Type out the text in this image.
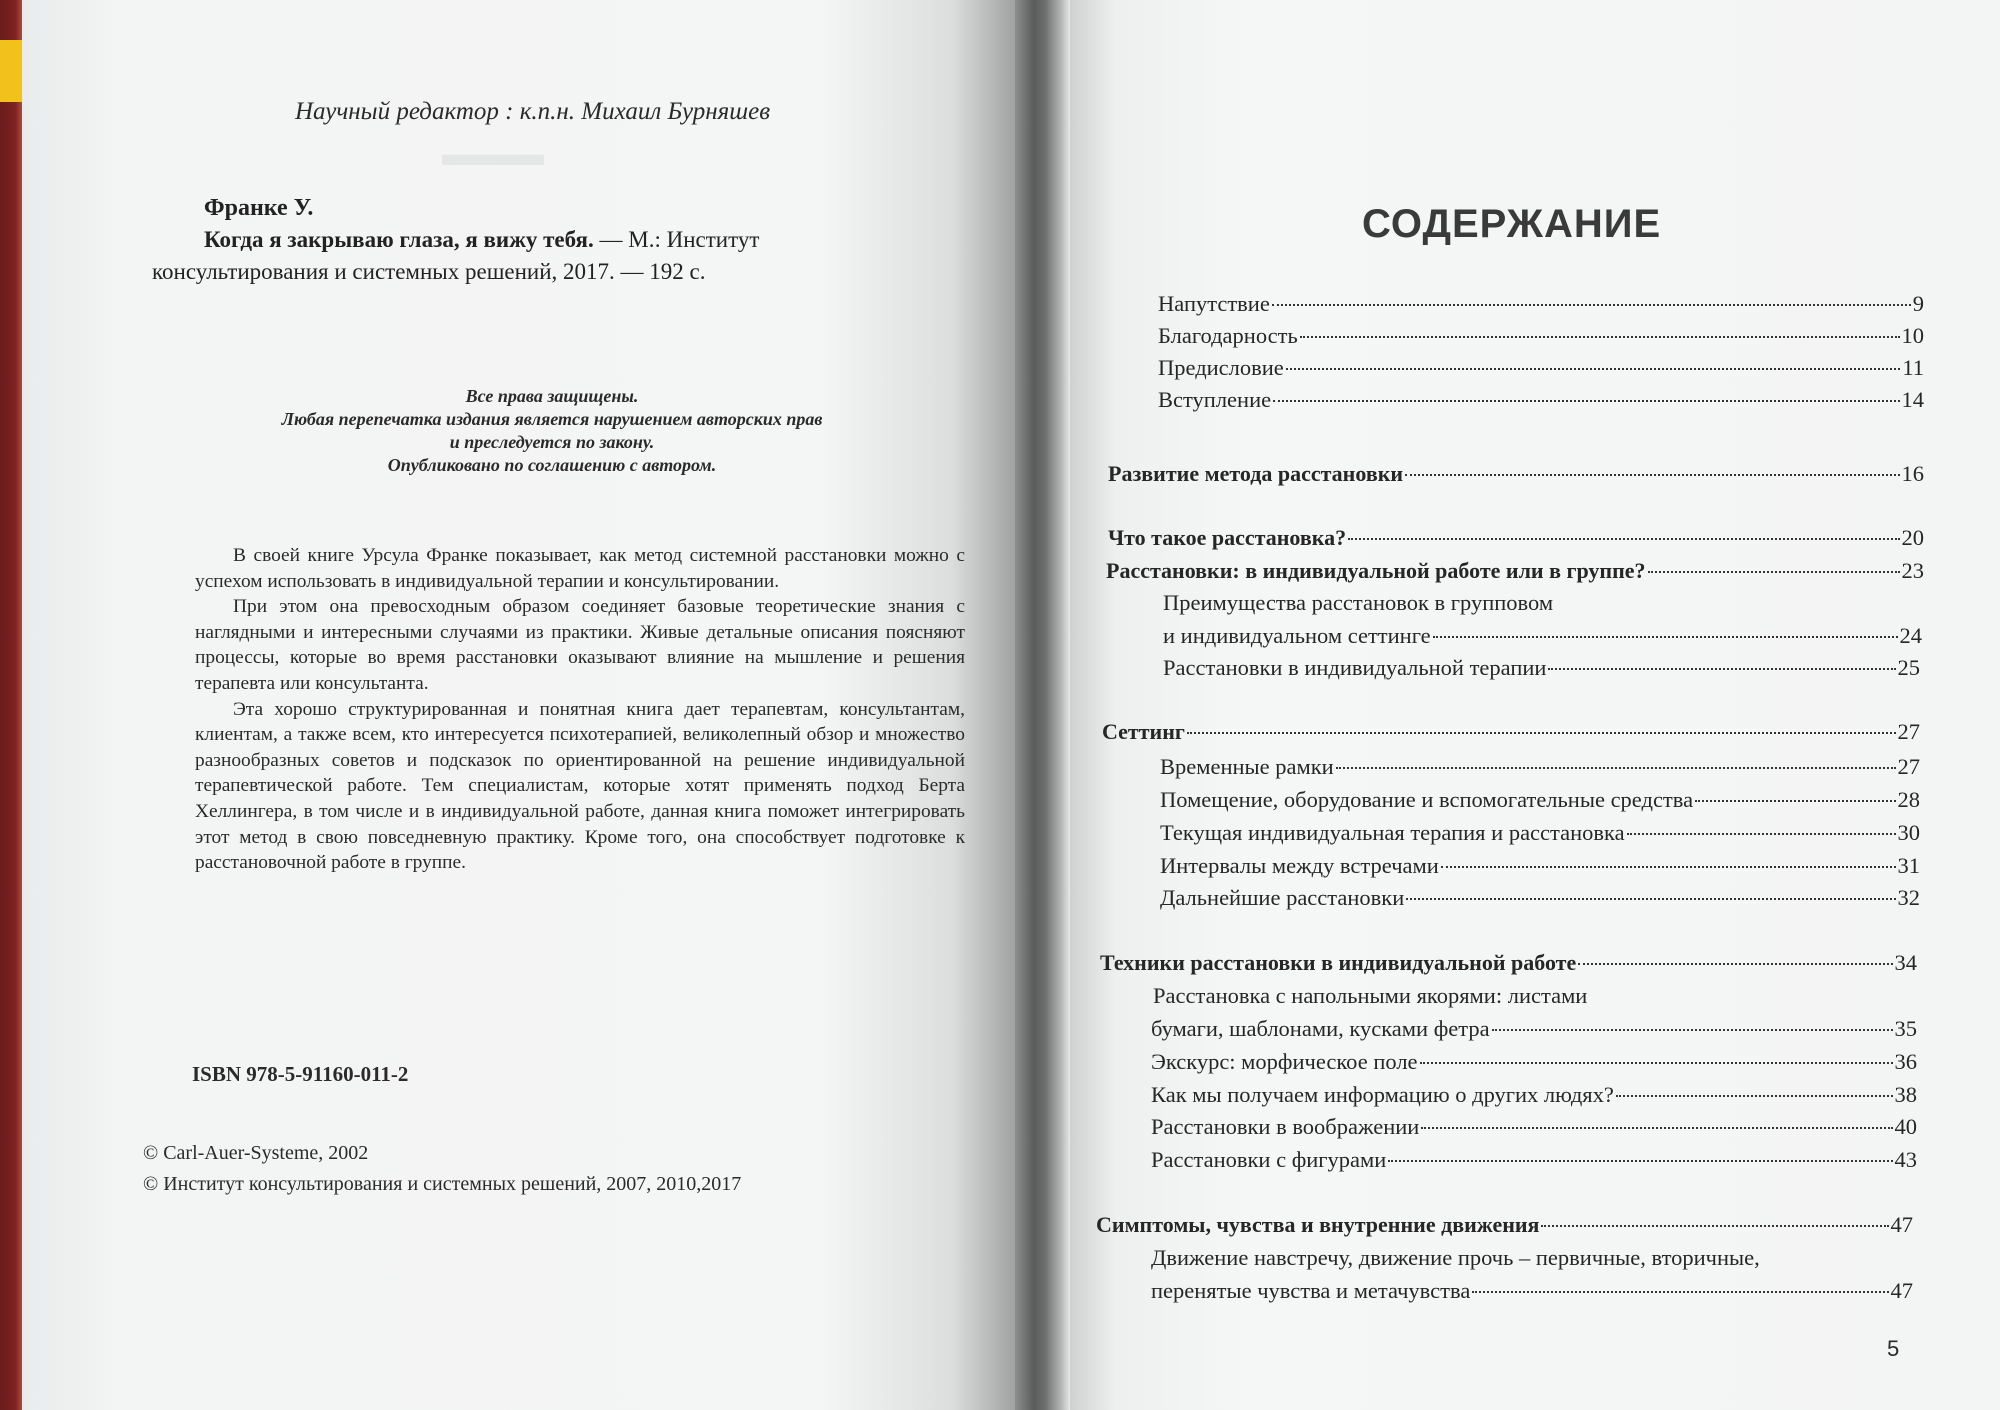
▬▬▬
Научный редактор : к.п.н. Михаил Бурняшев
Франке У.
Когда я закрываю глаза, я вижу тебя. — М.: Институт
консультирования и системных решений, 2017. — 192 с.
Все права защищены.
Любая перепечатка издания является нарушением авторских прав
и преследуется по закону.
Опубликовано по соглашению с автором.

В своей книге Урсула Франке показывает, как метод системной расстановки можно с успехом использовать в индивидуальной терапии и консультировании.

При этом она превосходным образом соединяет базовые теоретические знания с наглядными и интересными случаями из практики. Живые детальные описания поясняют процессы, которые во время расстановки оказывают влияние на мышление и решения терапевта или консультанта.

Эта хорошо структурированная и понятная книга дает терапевтам, консультантам, клиентам, а также всем, кто интересуется психотерапией, великолепный обзор и множество разнообразных советов и подсказок по ориентированной на решение индивидуальной терапевтической работе. Тем специалистам, которые хотят применять подход Берта Хеллингера, в том числе и в индивидуальной работе, данная книга поможет интегрировать этот метод в свою повседневную практику. Кроме того, она способствует подготовке к расстановочной работе в группе.

ISBN 978-5-91160-011-2
© Carl-Auer-Systeme, 2002
© Институт консультирования и системных решений, 2007, 2010,2017
СОДЕРЖАНИЕ
Напутствие	9
Благодарность	10
Предисловие	11
Вступление	14
Развитие метода расстановки	16
Что такое расстановка?	20
Расстановки: в индивидуальной работе или в группе?	23
Преимущества расстановок в групповом
и индивидуальном сеттинге	24
Расстановки в индивидуальной терапии	25
Сеттинг	27
Временные рамки	27
Помещение, оборудование и вспомогательные средства	28
Текущая индивидуальная терапия и расстановка	30
Интервалы между встречами	31
Дальнейшие расстановки	32
Техники расстановки в индивидуальной работе	34
Расстановка с напольными якорями: листами
бумаги, шаблонами, кусками фетра	35
Экскурс: морфическое поле	36
Как мы получаем информацию о других людях?	38
Расстановки в воображении	40
Расстановки с фигурами	43
Симптомы, чувства и внутренние движения	47
Движение навстречу, движение прочь – первичные, вторичные,
перенятые чувства и метачувства	47
5
